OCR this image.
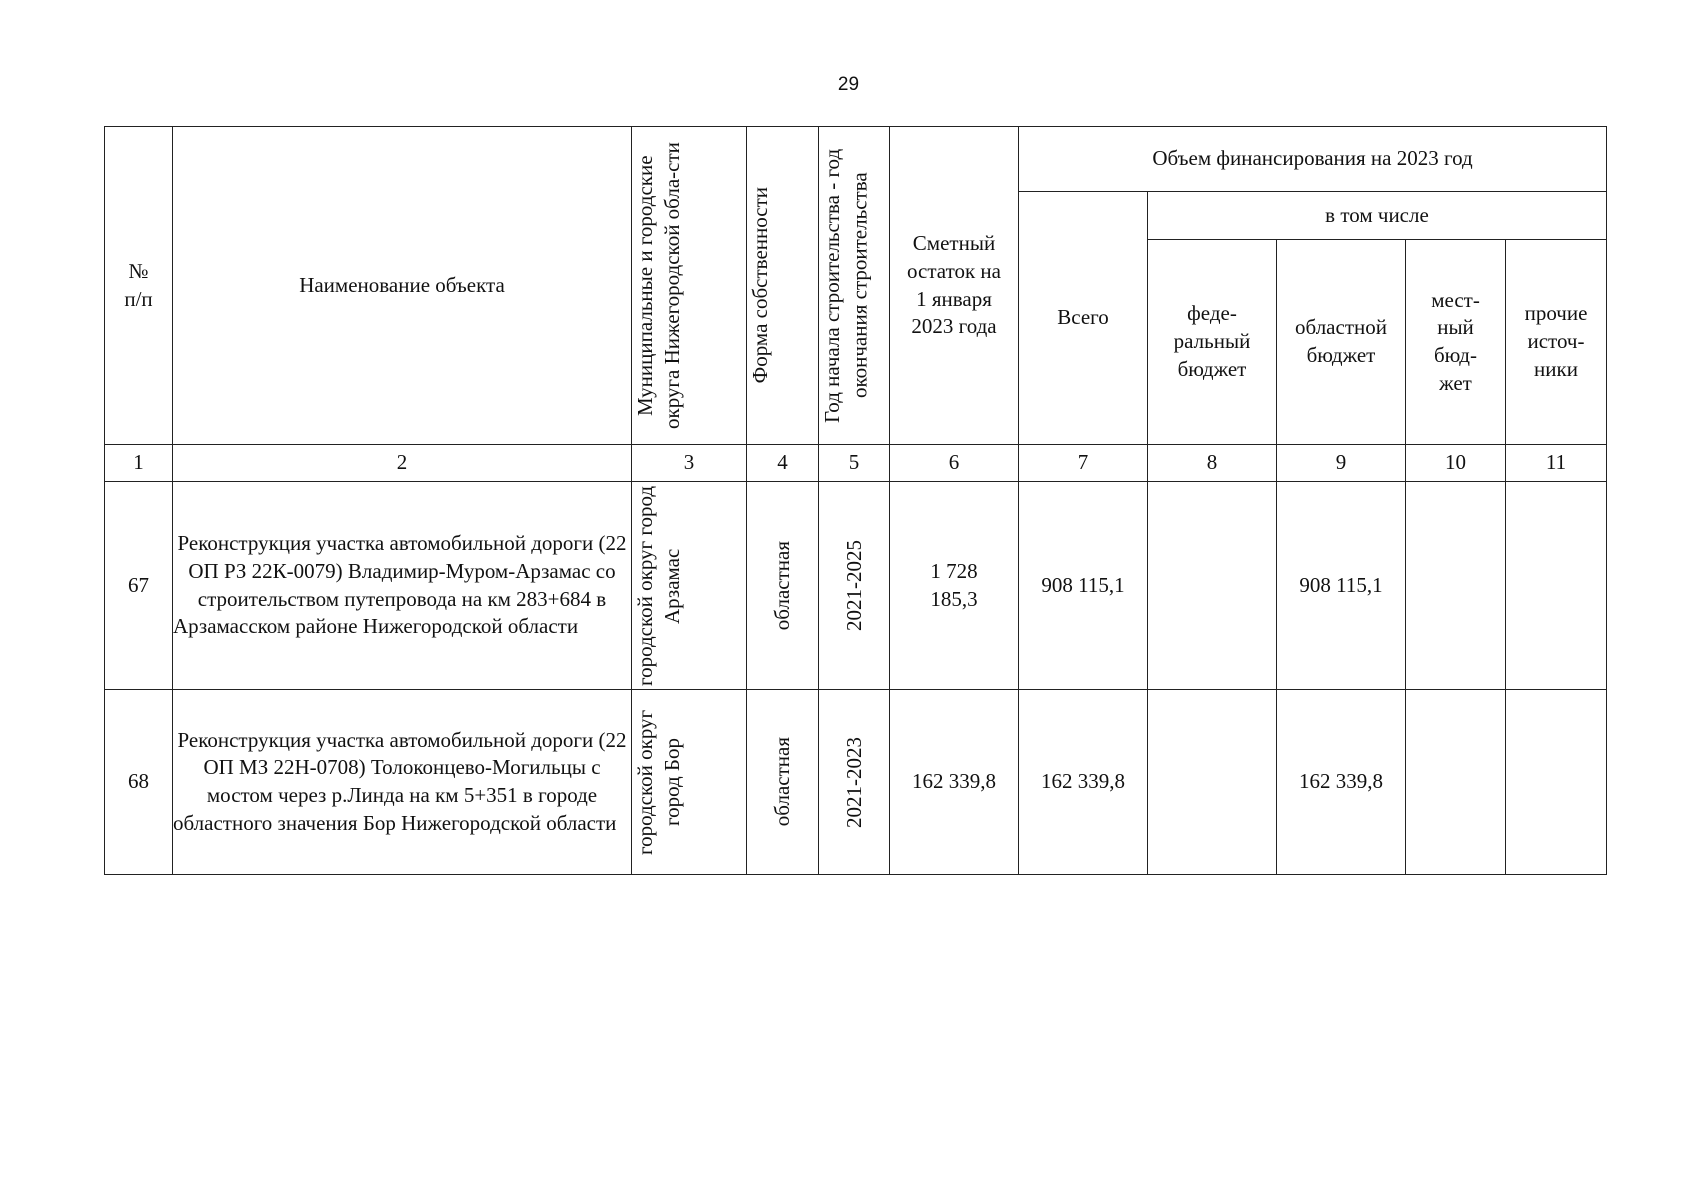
29
№ п/п	Наименование объекта	Муниципальные и городские округа Нижегородской обла-сти	Форма собственности	Год начала строительства - год окончания строительства	Сметный остаток на 1 января 2023 года	Объем финансирования на 2023 год				
						Всего	в том числе			

							феде-ральный бюджет	областной бюджет	мест-ный бюд-жет	прочие источ-ники

1	2	3	4	5	6	7	8	9	10	11
67	Реконструкция участка автомобильной дороги (22 ОП РЗ 22К-0079) Владимир-Муром-Арзамас со строительством путепровода на км 283+684 в Арзамасском районе Нижегородской области	городской округ город Арзамас	областная	2021-2025	1 728 185,3	908 115,1		908 115,1		
68	Реконструкция участка автомобильной дороги (22 ОП МЗ 22Н-0708) Толоконцево-Могильцы с мостом через р.Линда на км 5+351 в городе областного значения Бор Нижегородской области	городской округ город Бор	областная	2021-2023	162 339,8	162 339,8		162 339,8		
